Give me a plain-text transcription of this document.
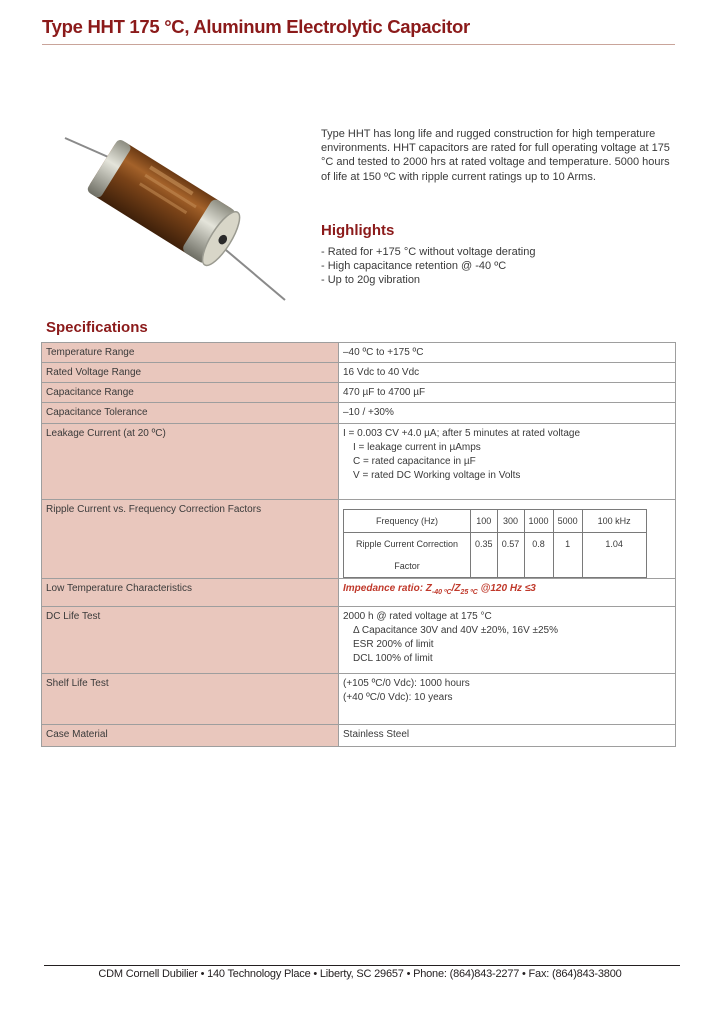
Type HHT 175 °C, Aluminum Electrolytic Capacitor
Type HHT has long life and rugged construction for high temperature environments. HHT capacitors are rated for full operating voltage at 175 °C and tested to 2000 hrs at rated voltage and temperature. 5000 hours of life at 150 ºC with ripple current ratings up to 10 Arms.
Highlights
- Rated for +175 °C without voltage derating
- High capacitance retention @ -40 ºC
- Up to 20g vibration
Specifications
Temperature Range	–40 ºC to +175 ºC
Rated Voltage Range	16 Vdc to 40 Vdc
Capacitance Range	470 µF to 4700 µF
Capacitance Tolerance	–10 / +30%
Leakage Current (at 20 ºC)	I = 0.003 CV +4.0 µA; after 5 minutes at rated voltage
I = leakage current in µAmps
C = rated capacitance in µF
V = rated DC Working voltage in Volts

Ripple Current vs. Frequency Correction Factors	
Frequency (Hz)	100	300	1000	5000	100 kHz
Ripple Current Correction Factor	0.35	0.57	0.8	1	1.04

Low Temperature Characteristics	Impedance ratio: $Z_{-40 ºC}/Z_{25 ºC}$ @120 Hz ≤3
DC Life Test	2000 h @ rated voltage at 175 °C
Δ Capacitance 30V and 40V ±20%, 16V ±25%
ESR 200% of limit
DCL 100% of limit

Shelf Life Test	(+105 ºC/0 Vdc): 1000 hours
(+40 ºC/0 Vdc): 10 years

Case Material	Stainless Steel
CDM Cornell Dubilier • 140 Technology Place • Liberty, SC 29657 • Phone: (864)843-2277 • Fax: (864)843-3800
